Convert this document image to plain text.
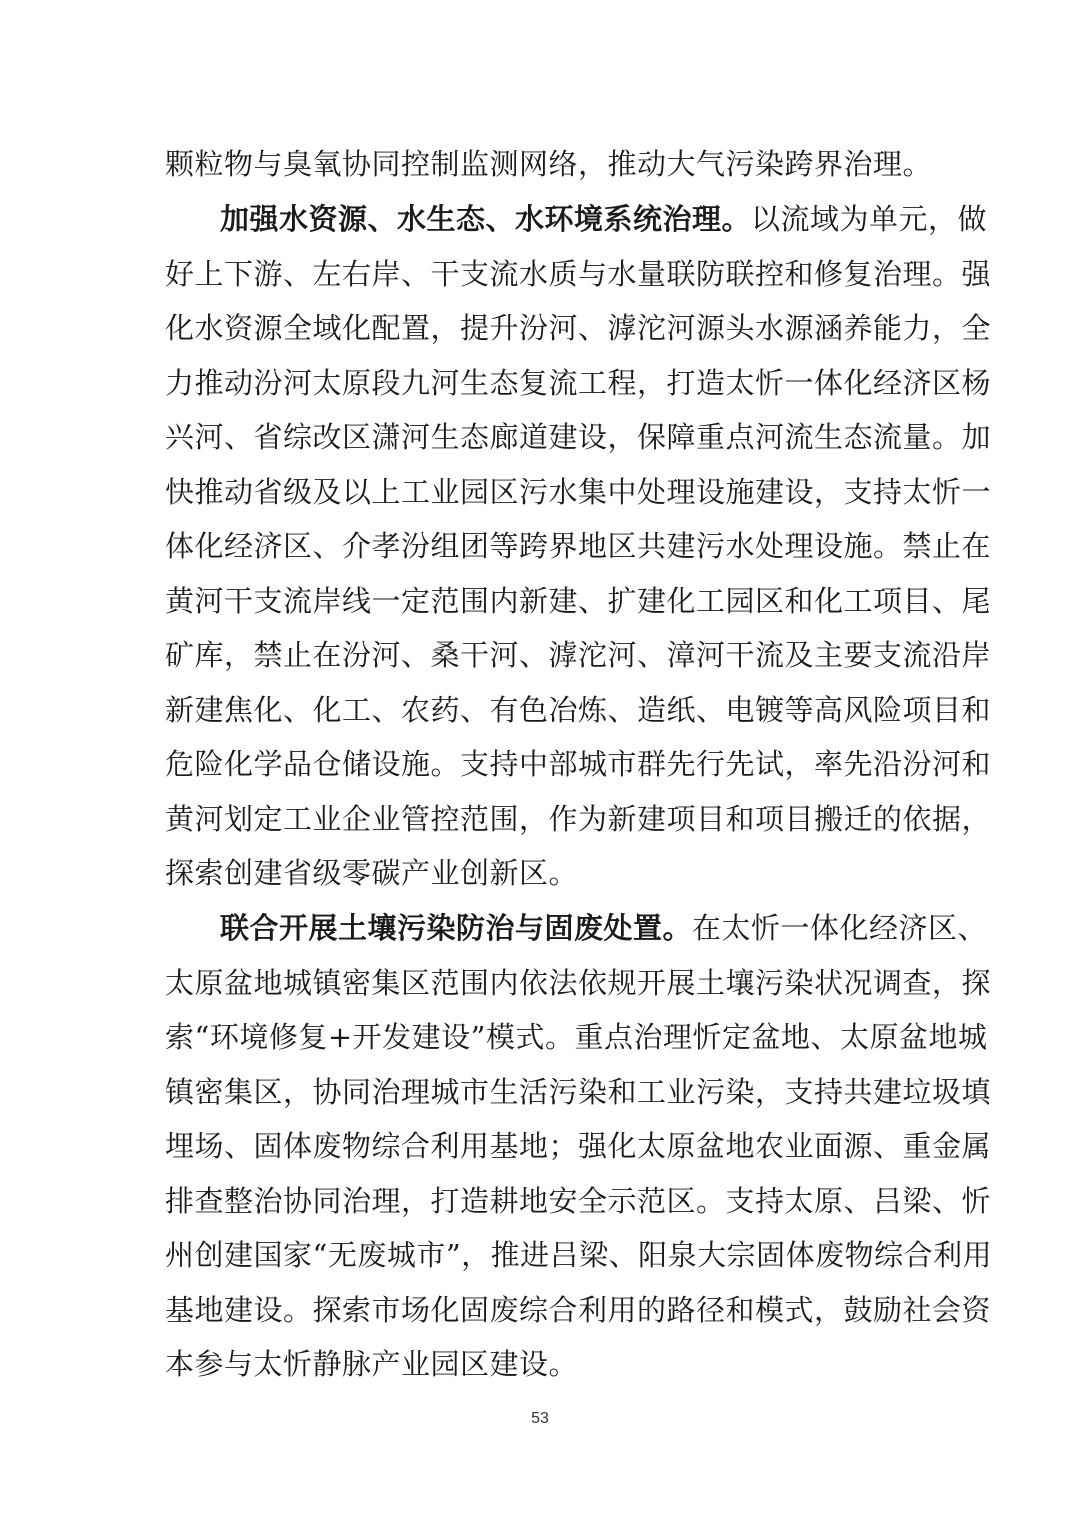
颗粒物与臭氧协同控制监测网络，推动大气污染跨界治理。
加强水资源、水生态、水环境系统治理。以流域为单元，做
好上下游、左右岸、干支流水质与水量联防联控和修复治理。强
化水资源全域化配置，提升汾河、滹沱河源头水源涵养能力，全
力推动汾河太原段九河生态复流工程，打造太忻一体化经济区杨
兴河、省综改区潇河生态廊道建设，保障重点河流生态流量。加
快推动省级及以上工业园区污水集中处理设施建设，支持太忻一
体化经济区、介孝汾组团等跨界地区共建污水处理设施。禁止在
黄河干支流岸线一定范围内新建、扩建化工园区和化工项目、尾
矿库，禁止在汾河、桑干河、滹沱河、漳河干流及主要支流沿岸
新建焦化、化工、农药、有色冶炼、造纸、电镀等高风险项目和
危险化学品仓储设施。支持中部城市群先行先试，率先沿汾河和
黄河划定工业企业管控范围，作为新建项目和项目搬迁的依据，
探索创建省级零碳产业创新区。
联合开展土壤污染防治与固废处置。在太忻一体化经济区、
太原盆地城镇密集区范围内依法依规开展土壤污染状况调查，探
索“环境修复+开发建设”模式。重点治理忻定盆地、太原盆地城
镇密集区，协同治理城市生活污染和工业污染，支持共建垃圾填
埋场、固体废物综合利用基地；强化太原盆地农业面源、重金属
排查整治协同治理，打造耕地安全示范区。支持太原、吕梁、忻
州创建国家“无废城市”，推进吕梁、阳泉大宗固体废物综合利用
基地建设。探索市场化固废综合利用的路径和模式，鼓励社会资
本参与太忻静脉产业园区建设。
53
